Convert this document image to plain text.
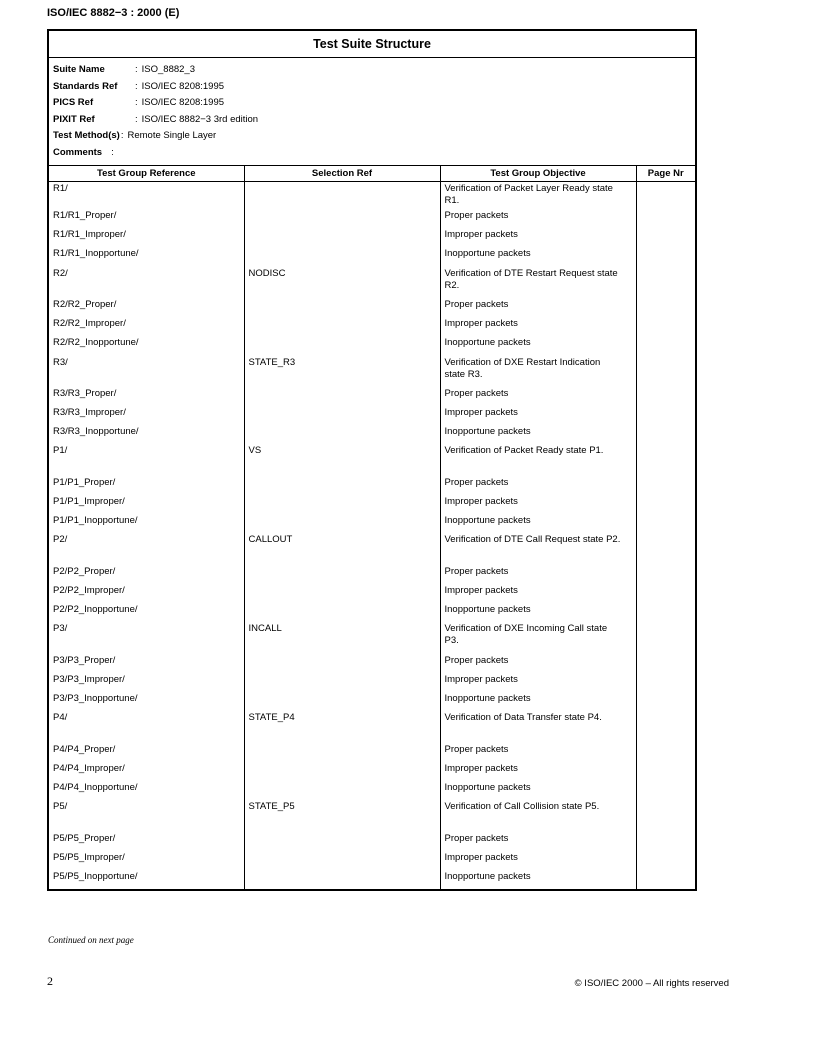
ISO/IEC 8882−3 : 2000 (E)
Test Suite Structure
Suite Name	: ISO_8882_3
Standards Ref	: ISO/IEC 8208:1995
PICS Ref	: ISO/IEC 8208:1995
PIXIT Ref	: ISO/IEC 8882−3 3rd edition
Test Method(s) : Remote Single Layer
Comments :
Test Group Reference	Selection Ref	Test Group Objective	Page Nr
R1/		Verification of Packet Layer Ready state R1.	
R1/R1_Proper/		Proper packets	
R1/R1_Improper/		Improper packets	
R1/R1_Inopportune/		Inopportune packets	
R2/	NODISC	Verification of DTE Restart Request state R2.	
R2/R2_Proper/		Proper packets	
R2/R2_Improper/		Improper packets	
R2/R2_Inopportune/		Inopportune packets	
R3/	STATE_R3	Verification of DXE Restart Indication state R3.	
R3/R3_Proper/		Proper packets	
R3/R3_Improper/		Improper packets	
R3/R3_Inopportune/		Inopportune packets	
P1/	VS	Verification of Packet Ready state P1.	
P1/P1_Proper/		Proper packets	
P1/P1_Improper/		Improper packets	
P1/P1_Inopportune/		Inopportune packets	
P2/	CALLOUT	Verification of DTE Call Request state P2.	
P2/P2_Proper/		Proper packets	
P2/P2_Improper/		Improper packets	
P2/P2_Inopportune/		Inopportune packets	
P3/	INCALL	Verification of DXE Incoming Call state P3.	
P3/P3_Proper/		Proper packets	
P3/P3_Improper/		Improper packets	
P3/P3_Inopportune/		Inopportune packets	
P4/	STATE_P4	Verification of Data Transfer state P4.	
P4/P4_Proper/		Proper packets	
P4/P4_Improper/		Improper packets	
P4/P4_Inopportune/		Inopportune packets	
P5/	STATE_P5	Verification of Call Collision state P5.	
P5/P5_Proper/		Proper packets	
P5/P5_Improper/		Improper packets	
P5/P5_Inopportune/		Inopportune packets	
Continued on next page
2	© ISO/IEC 2000 – All rights reserved
